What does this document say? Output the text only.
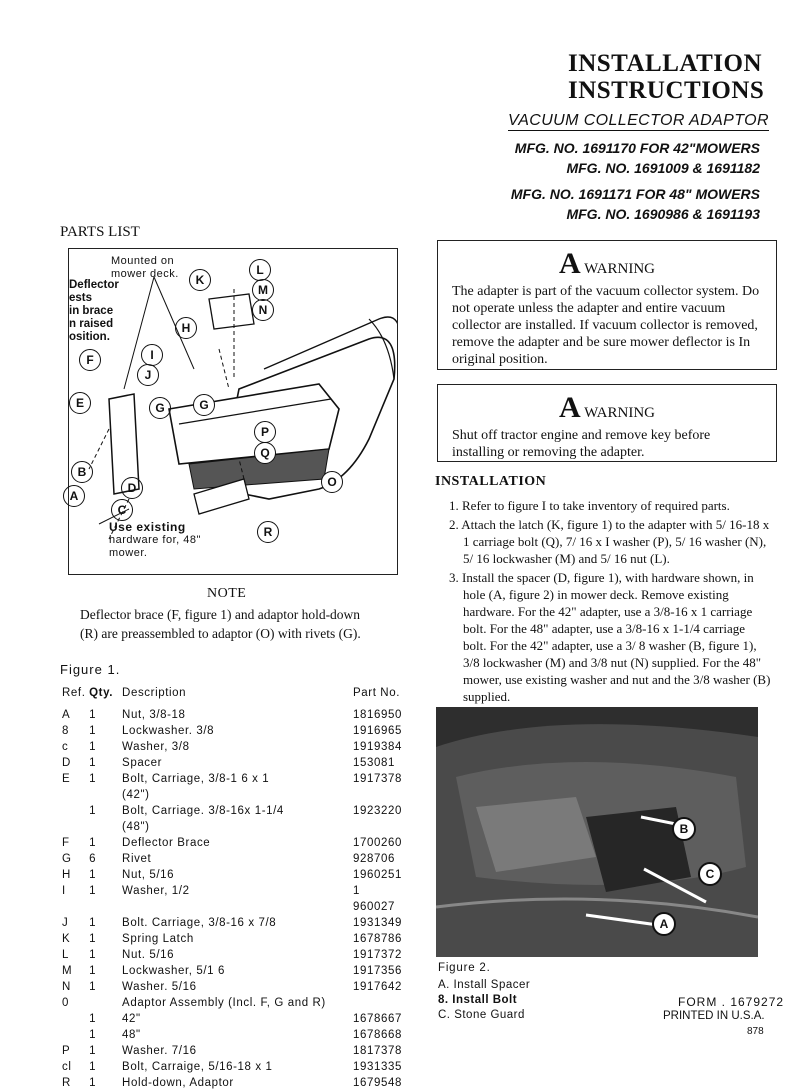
INSTALLATION
INSTRUCTIONS
VACUUM COLLECTOR ADAPTOR
MFG. NO. 1691170 FOR 42"MOWERS
MFG. NO. 1691009 & 1691182
MFG. NO. 1691171 FOR 48" MOWERS
MFG. NO. 1690986 & 1691193
PARTS LIST
Mounted on mower deck.
Deflector
ests
in brace
n raised
osition.
Use existing
hardware for, 48" mower.
K
L
M
N
H
F	I
J
E	G	G
P
Q
B
O
D
A
C
R
NOTE
Deflector brace (F, figure 1) and adaptor hold-down (R) are preassembled to adaptor (O) with rivets (G).
Figure 1.
Ref.	Qty.	Description	Part No.
A	1	Nut, 3/8-18	1816950
8	1	Lockwasher. 3/8	1916965
c	1	Washer, 3/8	1919384
D	1	Spacer	153081
E	1	Bolt, Carriage, 3/8-1 6 x 1	1917378
		(42")	
	1	Bolt, Carriage. 3/8-16x 1-1/4	1923220
		(48")	
F	1	Deflector Brace	1700260
G	6	Rivet	928706
H	1	Nut, 5/16	1960251
I	1	Washer, 1/2	1 960027
J	1	Bolt. Carriage, 3/8-16 x 7/8	1931349
K	1	Spring Latch	1678786
L	1	Nut. 5/16	1917372
M	1	Lockwasher, 5/1 6	1917356
N	1	Washer. 5/16	1917642
0		Adaptor Assembly (Incl. F, G and R)	
	1	42"	1678667
	1	48"	1678668
P	1	Washer. 7/16	1817378
cl	1	Bolt, Carraige, 5/16-18 x 1	1931335
R	1	Hold-down, Adaptor	1679548
A WARNING
The adapter is part of the vacuum collector system. Do not operate unless the adapter and entire vacuum collector are installed. If vacuum collector is removed, remove the adapter and be sure mower deflector is In original position.
A WARNING
Shut off tractor engine and remove key before installing or removing the adapter.
INSTALLATION

1. Refer to figure I to take inventory of required parts.

2. Attach the latch (K, figure 1) to the adapter with 5/ 16-18 x 1 carriage bolt (Q), 7/ 16 x I washer (P), 5/ 16 washer (N), 5/ 16 lockwasher (M) and 5/ 16 nut (L).

3. Install the spacer (D, figure 1), with hardware shown, in hole (A, figure 2) in mower deck. Remove existing hardware. For the 42" adapter, use a 3/8-16 x 1 carriage bolt. For the 48" adapter, use a 3/8-16 x 1-1/4 carriage bolt. For the 42" adapter, use a 3/ 8 washer (B, figure 1), 3/8 lockwasher (M) and 3/8 nut (N) supplied. For the 48" mower, use existing washer and nut and the 3/8 washer (B) supplied.

B
C
A
Figure 2.
A. Install Spacer
8. Install Bolt
C. Stone Guard
FORM . 1679272
PRINTED IN U.S.A.
878
